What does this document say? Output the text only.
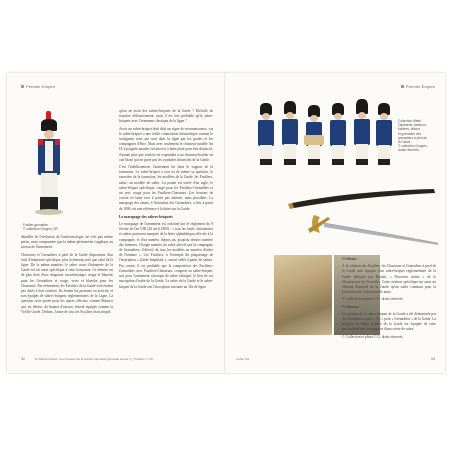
Premier Empire
Fusilier-grenadier.
© collection Grappin, BP

détaillée de l'évolution de l'uniformologie, ne s'est pas même prévu, mais comprendre que la même phénomène s'applique au niveau de l'armement.

Chasseurs et Grenadiers à pied de la Garde disposaient d'un fusil d'infanterie spécifique, plus richement orné que celui de la ligne. De la même manière, le sabre court d'infanterie de la Garde est lui aussi spécifique à cette formation. Ce dernier est de plus doté d'une dragonne caractéristique, rouge et blanche pour les Grenadiers et rouge, verte et blanche pour les Chasseurs. Par évènement, les Fusiliers de la Garde n'en étaient pas dotés à leur création. Ils étaient les premiers en activité, et non équipés de sabres-briquets réglementaires de la Ligne. La question reste posée pour les autres officiers comme Marmot qui, en défaut, du bonnet d'ourson, étaient équipés comme la Vieille Garde. Dedans, l'arme de tous les Fusiliers était simple.

qu'on ne avait des sabres-briquets de la Garde ? Difficile de trancher définitivement, mais il est fort probable qu'le sabre-briquets avec l'ornement classique de la ligne ?

Avoir un sabre-briquet était déjà un signe de reconnaissance, car le sabre-briquet a une réelle connotation hiérarchique comme le soulignent ceux qui sont dans la ligne par les grades et les compagnies d'élite. Mais avec seulement le chasseur modèle An IX à poignée moulée en laiton et à lame plate pour être distinctif, d'autant plus que vouloir est cependant à un chasseur-boulier en cuir blanc qui ne porte pas les symboles distinctifs de la Garde.

C'est l'établissement, l'armement fut dans le support de la formation. Le sabre-briquet a tout eu de même sa question, le caractère de la formation, les modèles de la Garde, les Fusiliers, sabre, un modèle de sabre. La pointe est ornée d'un aigle, le sabre-briquet spécifique, rouge pour les Fusiliers-Grenadiers et un vert, rouge pour les Fusiliers-Chasseurs. Les boutons de cousin en laine rose à partir pas attestés, mais possibles. La marquage des armes, à l'imitation des Grenadiers, a lieu à partir de 1806, est une référence à la lettre sur la Garde.

Le marquage des sabres-briquets

Le marquage de l'armement est ordonné par le règlement du 9 février de l'an VIII (26 avril 1800) : « tous les fusils, baïonnettes et sabres porteront marqués de la lettre alphabétique affectée à la compagnie, et d'un numéro, depuis un, jusqu'au dernier numéro des hommes. Chaque numéro du sabre affecté que la compagnie de Grenadiers, l'effectif de tous les modèles au numéro d'ordre de l'homme ». Les Fusiliers, à l'exemple du plaquettage de l'inscription « Garde Impériale », seront cédés à partir de sabres. Par contre, il est probable que la composition des Fusiliers-Grenadiers avec Fusiliers-Chasseurs, composé au sabre-briquet, soit pour l'armement classique de sabre fabriqué, le lien de cet inscription d'ordre de la Garde. Le sabre de la Garde et le sabre-briquet de la Garde ont l'inscription suivante au 16e de ligne.

92	Dr Michel Pétard. Les Fusiliers de la Garde Impériale (Nouvelle Garde 1). Tradition. n°46.
Premier Empire
Collection Watel.
Tapisserie, tambour,
fusiliers, officier,
et grenadier des
grenadiers à pied de
la Garde.
© collection Grappin,
droits réservés.

Ci-dessus :

À la création des Fusiliers, les Chasseurs et Grenadiers à pied de la Garde sont équipés d'un sabre-briquet réglementaire de la Garde fabriqué par Roubet, « Directeur artiste » de la Manufacture de Versailles. Cette création spécifique est aussi un élément distinctif de la Garde qu'un sabre commun pour la fabrication de cette nouvelle arme.

© Collection et photo C.G. droits réservés.

Ci-dessous :

La création de ce sabre-briquet de la Garde a été déterminée par les Grenadiers à pied « G.I » pour « Grenadiers » de la Garde. La poignée de laiton modèle de la Garde est équipée de cette particularité des compagnies d'une scène de sabre.

© Collection et photo C.G. droits réservés.

Cahier 49	93
